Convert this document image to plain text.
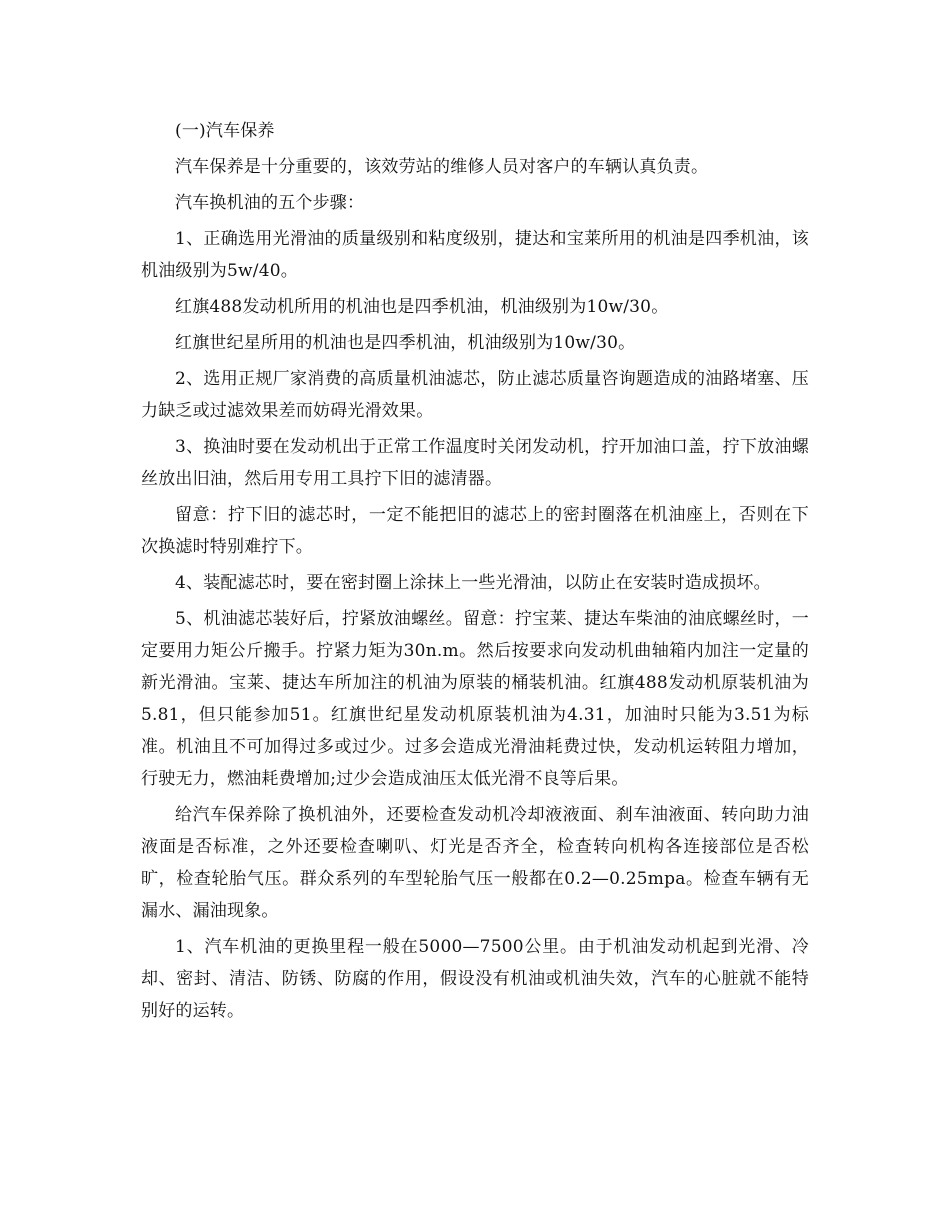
(一)汽车保养

汽车保养是十分重要的，该效劳站的维修人员对客户的车辆认真负责。

汽车换机油的五个步骤：

1、正确选用光滑油的质量级别和粘度级别，捷达和宝莱所用的机油是四季机油，该机油级别为5w/40。

红旗488发动机所用的机油也是四季机油，机油级别为10w/30。

红旗世纪星所用的机油也是四季机油，机油级别为10w/30。

2、选用正规厂家消费的高质量机油滤芯，防止滤芯质量咨询题造成的油路堵塞、压力缺乏或过滤效果差而妨碍光滑效果。

3、换油时要在发动机出于正常工作温度时关闭发动机，拧开加油口盖，拧下放油螺丝放出旧油，然后用专用工具拧下旧的滤清器。

留意：拧下旧的滤芯时，一定不能把旧的滤芯上的密封圈落在机油座上，否则在下次换滤时特别难拧下。

4、装配滤芯时，要在密封圈上涂抹上一些光滑油，以防止在安装时造成损坏。

5、机油滤芯装好后，拧紧放油螺丝。留意：拧宝莱、捷达车柴油的油底螺丝时，一定要用力矩公斤搬手。拧紧力矩为30n.m。然后按要求向发动机曲轴箱内加注一定量的新光滑油。宝莱、捷达车所加注的机油为原装的桶装机油。红旗488发动机原装机油为5.81，但只能参加51。红旗世纪星发动机原装机油为4.31，加油时只能为3.51为标准。机油且不可加得过多或过少。过多会造成光滑油耗费过快，发动机运转阻力增加，行驶无力，燃油耗费增加;过少会造成油压太低光滑不良等后果。

给汽车保养除了换机油外，还要检查发动机冷却液液面、刹车油液面、转向助力油液面是否标准，之外还要检查喇叭、灯光是否齐全，检查转向机构各连接部位是否松旷，检查轮胎气压。群众系列的车型轮胎气压一般都在0.2—0.25mpa。检查车辆有无漏水、漏油现象。

1、汽车机油的更换里程一般在5000—7500公里。由于机油发动机起到光滑、冷却、密封、清洁、防锈、防腐的作用，假设没有机油或机油失效，汽车的心脏就不能特别好的运转。
